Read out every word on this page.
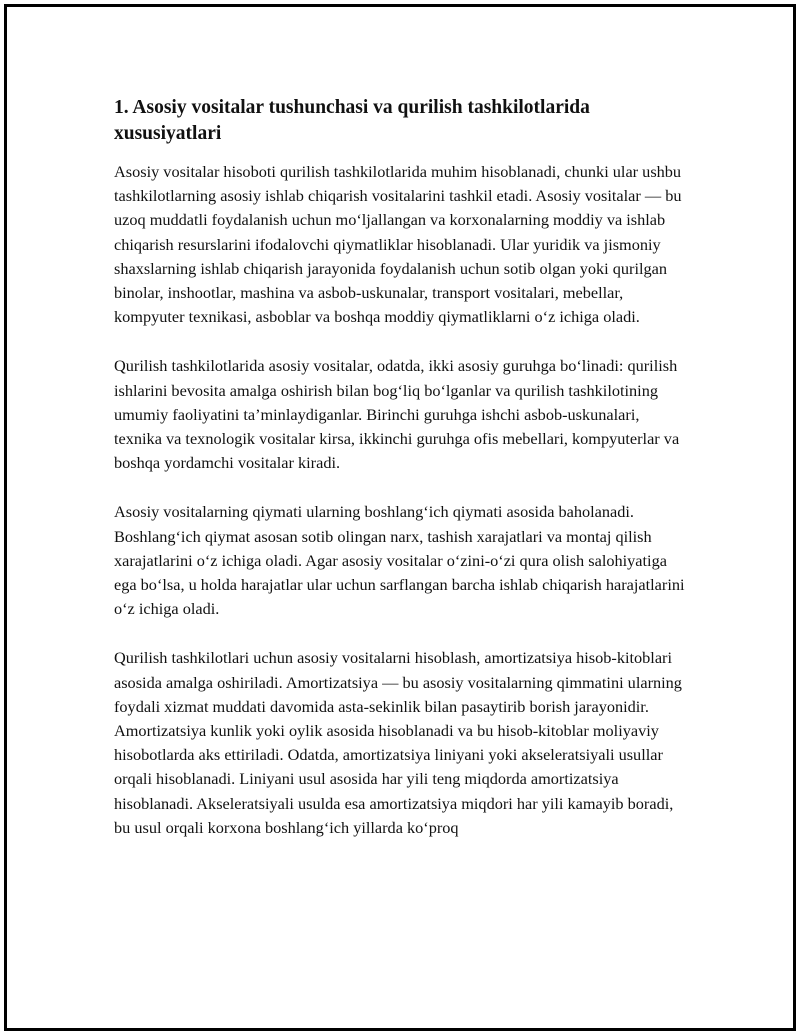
1. Asosiy vositalar tushunchasi va qurilish tashkilotlarida xususiyatlari

Asosiy vositalar hisoboti qurilish tashkilotlarida muhim hisoblanadi, chunki ular ushbu tashkilotlarning asosiy ishlab chiqarish vositalarini tashkil etadi. Asosiy vositalar — bu uzoq muddatli foydalanish uchun moʻljallangan va korxonalarning moddiy va ishlab chiqarish resurslarini ifodalovchi qiymatliklar hisoblanadi. Ular yuridik va jismoniy shaxslarning ishlab chiqarish jarayonida foydalanish uchun sotib olgan yoki qurilgan binolar, inshootlar, mashina va asbob-uskunalar, transport vositalari, mebellar, kompyuter texnikasi, asboblar va boshqa moddiy qiymatliklarni oʻz ichiga oladi.

Qurilish tashkilotlarida asosiy vositalar, odatda, ikki asosiy guruhga boʻlinadi: qurilish ishlarini bevosita amalga oshirish bilan bogʻliq boʻlganlar va qurilish tashkilotining umumiy faoliyatini taʼminlaydiganlar. Birinchi guruhga ishchi asbob-uskunalari, texnika va texnologik vositalar kirsa, ikkinchi guruhga ofis mebellari, kompyuterlar va boshqa yordamchi vositalar kiradi.

Asosiy vositalarning qiymati ularning boshlangʻich qiymati asosida baholanadi. Boshlangʻich qiymat asosan sotib olingan narx, tashish xarajatlari va montaj qilish xarajatlarini oʻz ichiga oladi. Agar asosiy vositalar oʻzini-oʻzi qura olish salohiyatiga ega boʻlsa, u holda harajatlar ular uchun sarflangan barcha ishlab chiqarish harajatlarini oʻz ichiga oladi.

Qurilish tashkilotlari uchun asosiy vositalarni hisoblash, amortizatsiya hisob-kitoblari asosida amalga oshiriladi. Amortizatsiya — bu asosiy vositalarning qimmatini ularning foydali xizmat muddati davomida asta-sekinlik bilan pasaytirib borish jarayonidir. Amortizatsiya kunlik yoki oylik asosida hisoblanadi va bu hisob-kitoblar moliyaviy hisobotlarda aks ettiriladi. Odatda, amortizatsiya liniyani yoki akseleratsiyali usullar orqali hisoblanadi. Liniyani usul asosida har yili teng miqdorda amortizatsiya hisoblanadi. Akseleratsiyali usulda esa amortizatsiya miqdori har yili kamayib boradi, bu usul orqali korxona boshlangʻich yillarda koʻproq
